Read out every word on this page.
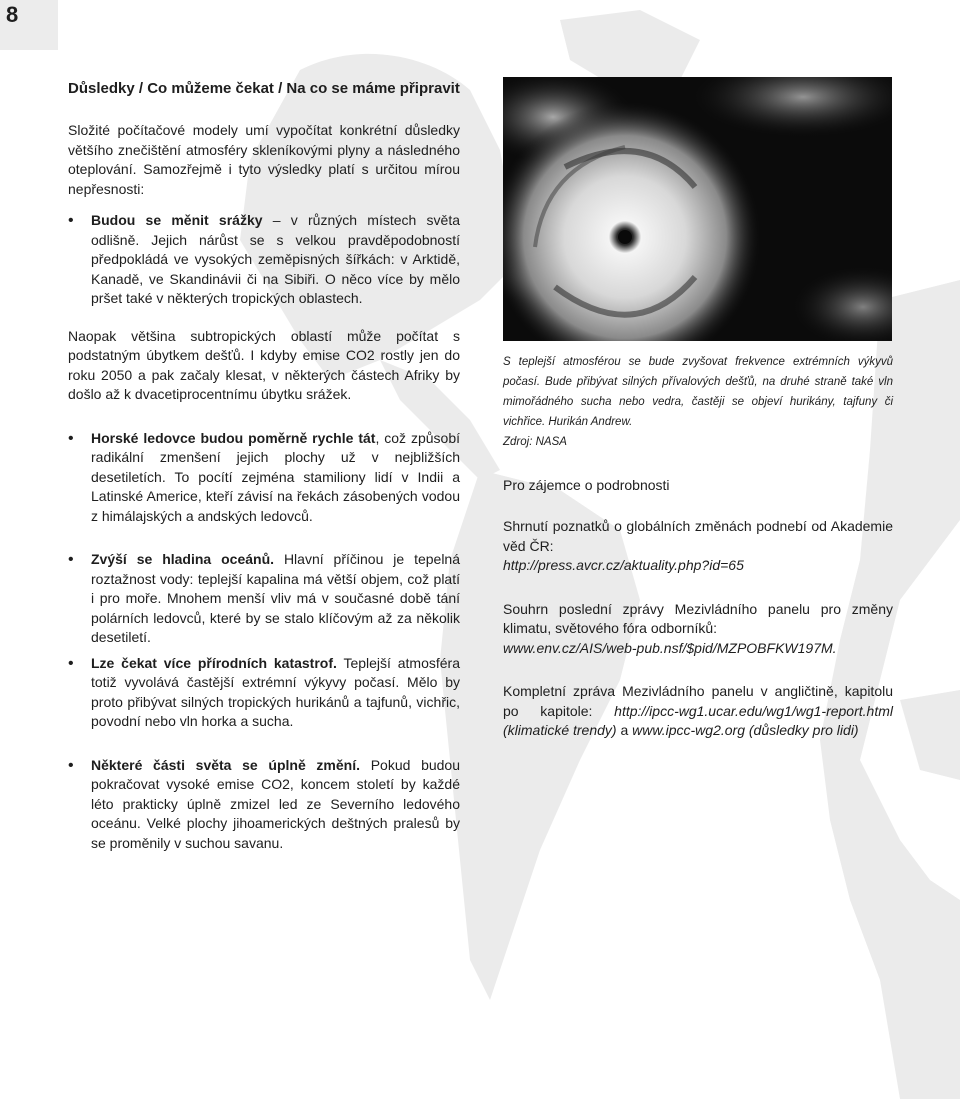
8
Důsledky / Co můžeme čekat / Na co se máme připravit

Složité počítačové modely umí vypočítat konkrétní důsledky většího znečištění atmosféry skleníkovými plyny a následného oteplování. Samozřejmě i tyto výsledky platí s určitou mírou nepřesnosti:

• Budou se měnit srážky – v různých místech světa odlišně. Jejich nárůst se s velkou pravděpodobností předpokládá ve vysokých zeměpisných šířkách: v Arktidě, Kanadě, ve Skandinávii či na Sibiři. O něco více by mělo pršet také v některých tropických oblastech.

Naopak většina subtropických oblastí může počítat s podstatným úbytkem dešťů. I kdyby emise CO2 rostly jen do roku 2050 a pak začaly klesat, v některých částech Afriky by došlo až k dvacetiprocentnímu úbytku srážek.

• Horské ledovce budou poměrně rychle tát, což způsobí radikální zmenšení jejich plochy už v nejbližších desetiletích. To pocítí zejména stamiliony lidí v Indii a Latinské Americe, kteří závisí na řekách zásobených vodou z himálajských a andských ledovců.
• Zvýší se hladina oceánů. Hlavní příčinou je tepelná roztažnost vody: teplejší kapalina má větší objem, což platí i pro moře. Mnohem menší vliv má v současné době tání polárních ledovců, které by se stalo klíčovým až za několik desetiletí.
• Lze čekat více přírodních katastrof. Teplejší atmosféra totiž vyvolává častější extrémní výkyvy počasí. Mělo by proto přibývat silných tropických hurikánů a tajfunů, vichřic, povodní nebo vln horka a sucha.
• Některé části světa se úplně změní. Pokud budou pokračovat vysoké emise CO2, koncem století by každé léto prakticky úplně zmizel led ze Severního ledového oceánu. Velké plochy jihoamerických deštných pralesů by se proměnily v suchou savanu.

S teplejší atmosférou se bude zvyšovat frekvence extrémních výkyvů počasí. Bude přibývat silných přívalových dešťů, na druhé straně také vln mimořádného sucha nebo vedra, častěji se objeví hurikány, tajfuny či vichřice. Hurikán Andrew.

Zdroj: NASA

Pro zájemce o podrobnosti

Shrnutí poznatků o globálních změnách podnebí od Akademie věd ČR:
http://press.avcr.cz/aktuality.php?id=65

Souhrn poslední zprávy Mezivládního panelu pro změny klimatu, světového fóra odborníků:
www.env.cz/AIS/web-pub.nsf/$pid/MZPOBFKW197M.

Kompletní zpráva Mezivládního panelu v angličtině, kapitolu po kapitole: http://ipcc-wg1.ucar.edu/wg1/wg1-report.html (klimatické trendy) a www.ipcc-wg2.org (důsledky pro lidi)
